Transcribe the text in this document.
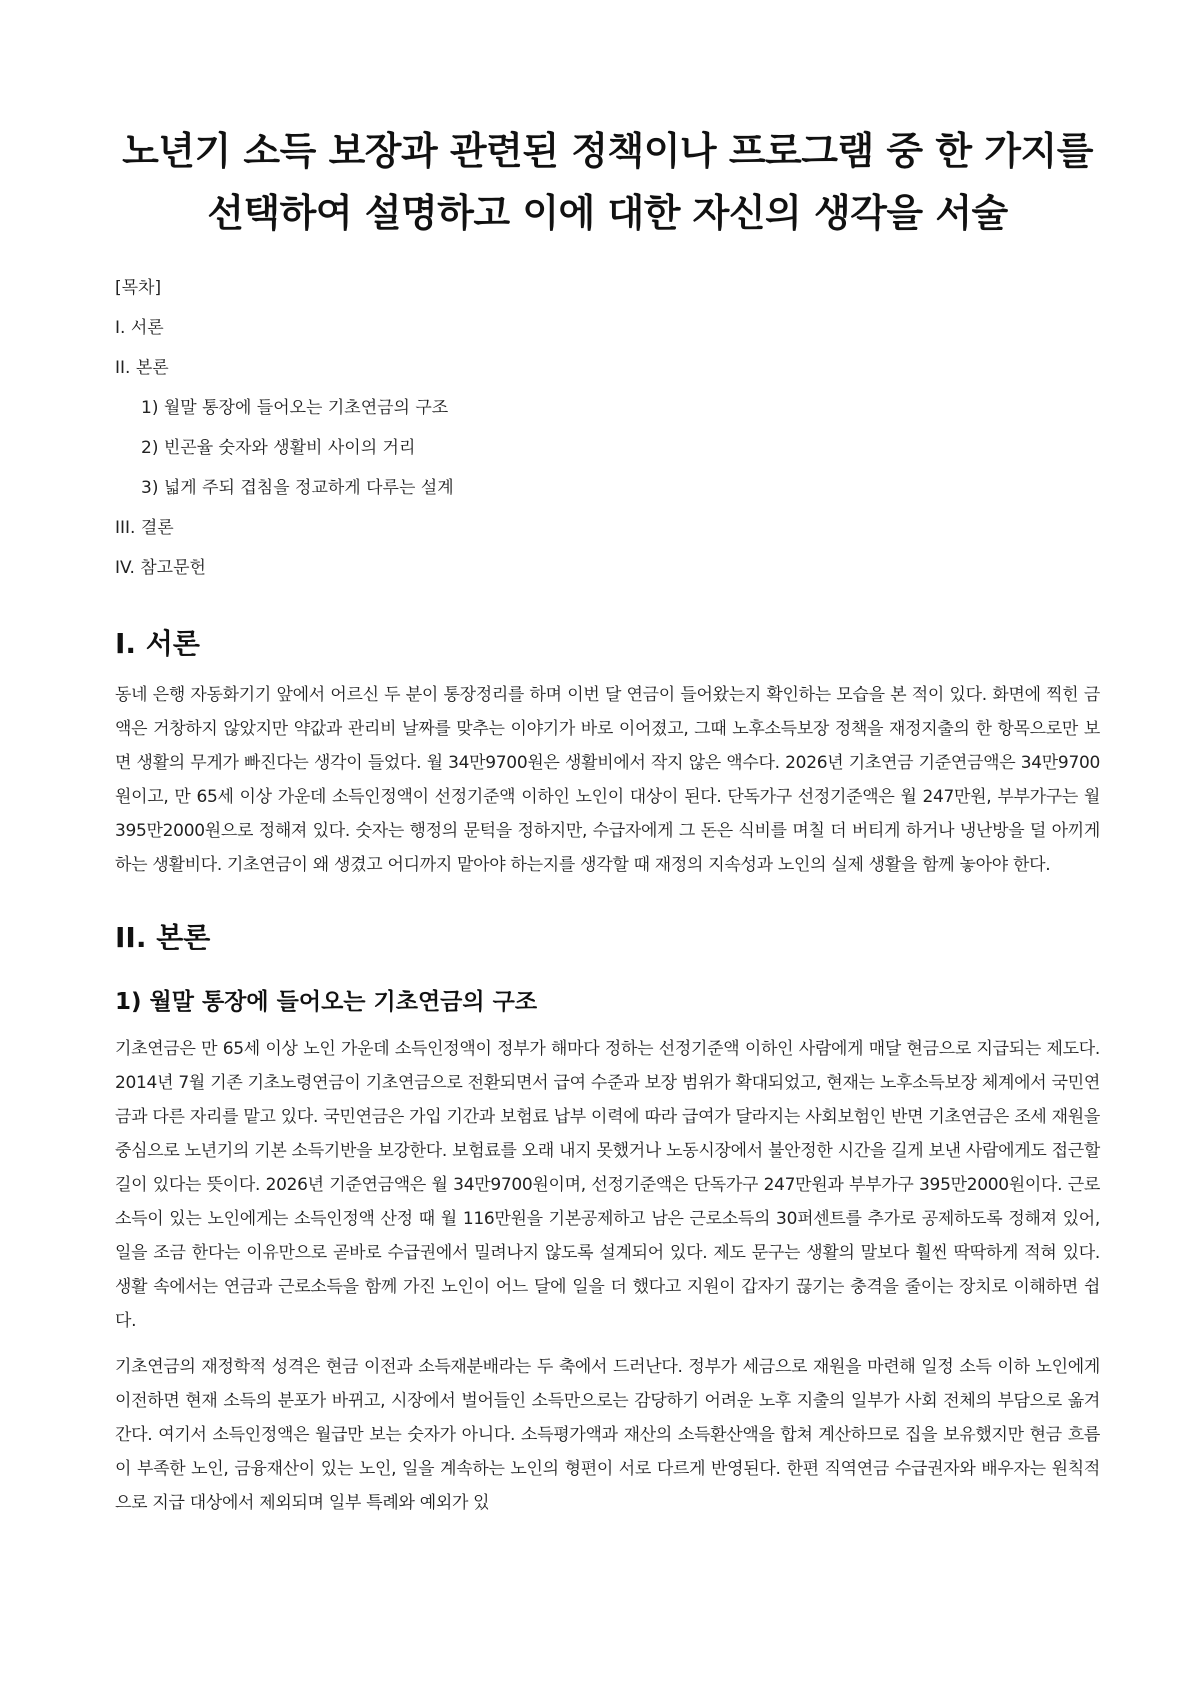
노년기 소득 보장과 관련된 정책이나 프로그램 중 한 가지를 선택하여 설명하고 이에 대한 자신의 생각을 서술
[목차]
I. 서론
II. 본론
1) 월말 통장에 들어오는 기초연금의 구조
2) 빈곤율 숫자와 생활비 사이의 거리
3) 넓게 주되 겹침을 정교하게 다루는 설계
III. 결론
IV. 참고문헌
I. 서론

동네 은행 자동화기기 앞에서 어르신 두 분이 통장정리를 하며 이번 달 연금이 들어왔는지 확인하는 모습을 본 적이 있다. 화면에 찍힌 금액은 거창하지 않았지만 약값과 관리비 날짜를 맞추는 이야기가 바로 이어졌고, 그때 노후소득보장 정책을 재정지출의 한 항목으로만 보면 생활의 무게가 빠진다는 생각이 들었다. 월 34만9700원은 생활비에서 작지 않은 액수다. 2026년 기초연금 기준연금액은 34만9700원이고, 만 65세 이상 가운데 소득인정액이 선정기준액 이하인 노인이 대상이 된다. 단독가구 선정기준액은 월 247만원, 부부가구는 월 395만2000원으로 정해져 있다. 숫자는 행정의 문턱을 정하지만, 수급자에게 그 돈은 식비를 며칠 더 버티게 하거나 냉난방을 덜 아끼게 하는 생활비다. 기초연금이 왜 생겼고 어디까지 맡아야 하는지를 생각할 때 재정의 지속성과 노인의 실제 생활을 함께 놓아야 한다.

II. 본론
1) 월말 통장에 들어오는 기초연금의 구조

기초연금은 만 65세 이상 노인 가운데 소득인정액이 정부가 해마다 정하는 선정기준액 이하인 사람에게 매달 현금으로 지급되는 제도다. 2014년 7월 기존 기초노령연금이 기초연금으로 전환되면서 급여 수준과 보장 범위가 확대되었고, 현재는 노후소득보장 체계에서 국민연금과 다른 자리를 맡고 있다. 국민연금은 가입 기간과 보험료 납부 이력에 따라 급여가 달라지는 사회보험인 반면 기초연금은 조세 재원을 중심으로 노년기의 기본 소득기반을 보강한다. 보험료를 오래 내지 못했거나 노동시장에서 불안정한 시간을 길게 보낸 사람에게도 접근할 길이 있다는 뜻이다. 2026년 기준연금액은 월 34만9700원이며, 선정기준액은 단독가구 247만원과 부부가구 395만2000원이다. 근로소득이 있는 노인에게는 소득인정액 산정 때 월 116만원을 기본공제하고 남은 근로소득의 30퍼센트를 추가로 공제하도록 정해져 있어, 일을 조금 한다는 이유만으로 곧바로 수급권에서 밀려나지 않도록 설계되어 있다. 제도 문구는 생활의 말보다 훨씬 딱딱하게 적혀 있다. 생활 속에서는 연금과 근로소득을 함께 가진 노인이 어느 달에 일을 더 했다고 지원이 갑자기 끊기는 충격을 줄이는 장치로 이해하면 쉽다.

기초연금의 재정학적 성격은 현금 이전과 소득재분배라는 두 축에서 드러난다. 정부가 세금으로 재원을 마련해 일정 소득 이하 노인에게 이전하면 현재 소득의 분포가 바뀌고, 시장에서 벌어들인 소득만으로는 감당하기 어려운 노후 지출의 일부가 사회 전체의 부담으로 옮겨간다. 여기서 소득인정액은 월급만 보는 숫자가 아니다. 소득평가액과 재산의 소득환산액을 합쳐 계산하므로 집을 보유했지만 현금 흐름이 부족한 노인, 금융재산이 있는 노인, 일을 계속하는 노인의 형편이 서로 다르게 반영된다. 한편 직역연금 수급권자와 배우자는 원칙적으로 지급 대상에서 제외되며 일부 특례와 예외가 있
